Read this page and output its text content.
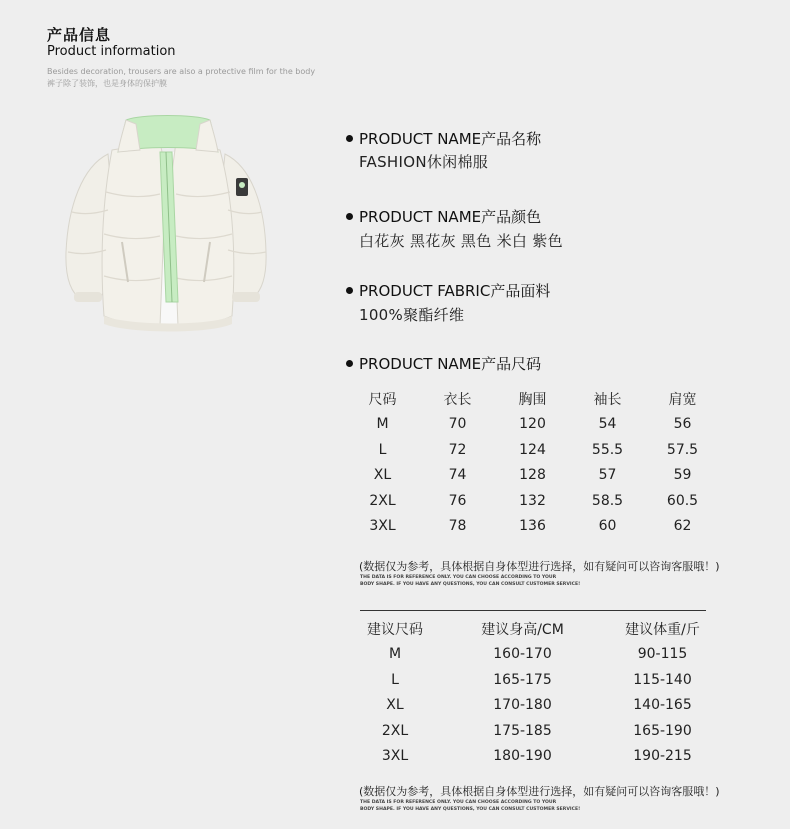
产品信息
Product information
Besides decoration, trousers are also a protective film for the body
裤子除了装饰，也是身体的保护膜
PRODUCT NAME产品名称
FASHION休闲棉服
PRODUCT NAME产品颜色
白花灰 黑花灰 黑色 米白 紫色
PRODUCT FABRIC产品面料
100%聚酯纤维
PRODUCT NAME产品尺码
尺码	衣长	胸围	袖长	肩宽
M	70	120	54	56
L	72	124	55.5	57.5
XL	74	128	57	59
2XL	76	132	58.5	60.5
3XL	78	136	60	62
(数据仅为参考，具体根据自身体型进行选择，如有疑问可以咨询客服哦！)
THE DATA IS FOR REFERENCE ONLY. YOU CAN CHOOSE ACCORDING TO YOUR
BODY SHAPE. IF YOU HAVE ANY QUESTIONS, YOU CAN CONSULT CUSTOMER SERVICE!
建议尺码	建议身高/CM	建议体重/斤
M	160-170	90-115
L	165-175	115-140
XL	170-180	140-165
2XL	175-185	165-190
3XL	180-190	190-215
(数据仅为参考，具体根据自身体型进行选择，如有疑问可以咨询客服哦！)
THE DATA IS FOR REFERENCE ONLY. YOU CAN CHOOSE ACCORDING TO YOUR
BODY SHAPE. IF YOU HAVE ANY QUESTIONS, YOU CAN CONSULT CUSTOMER SERVICE!
